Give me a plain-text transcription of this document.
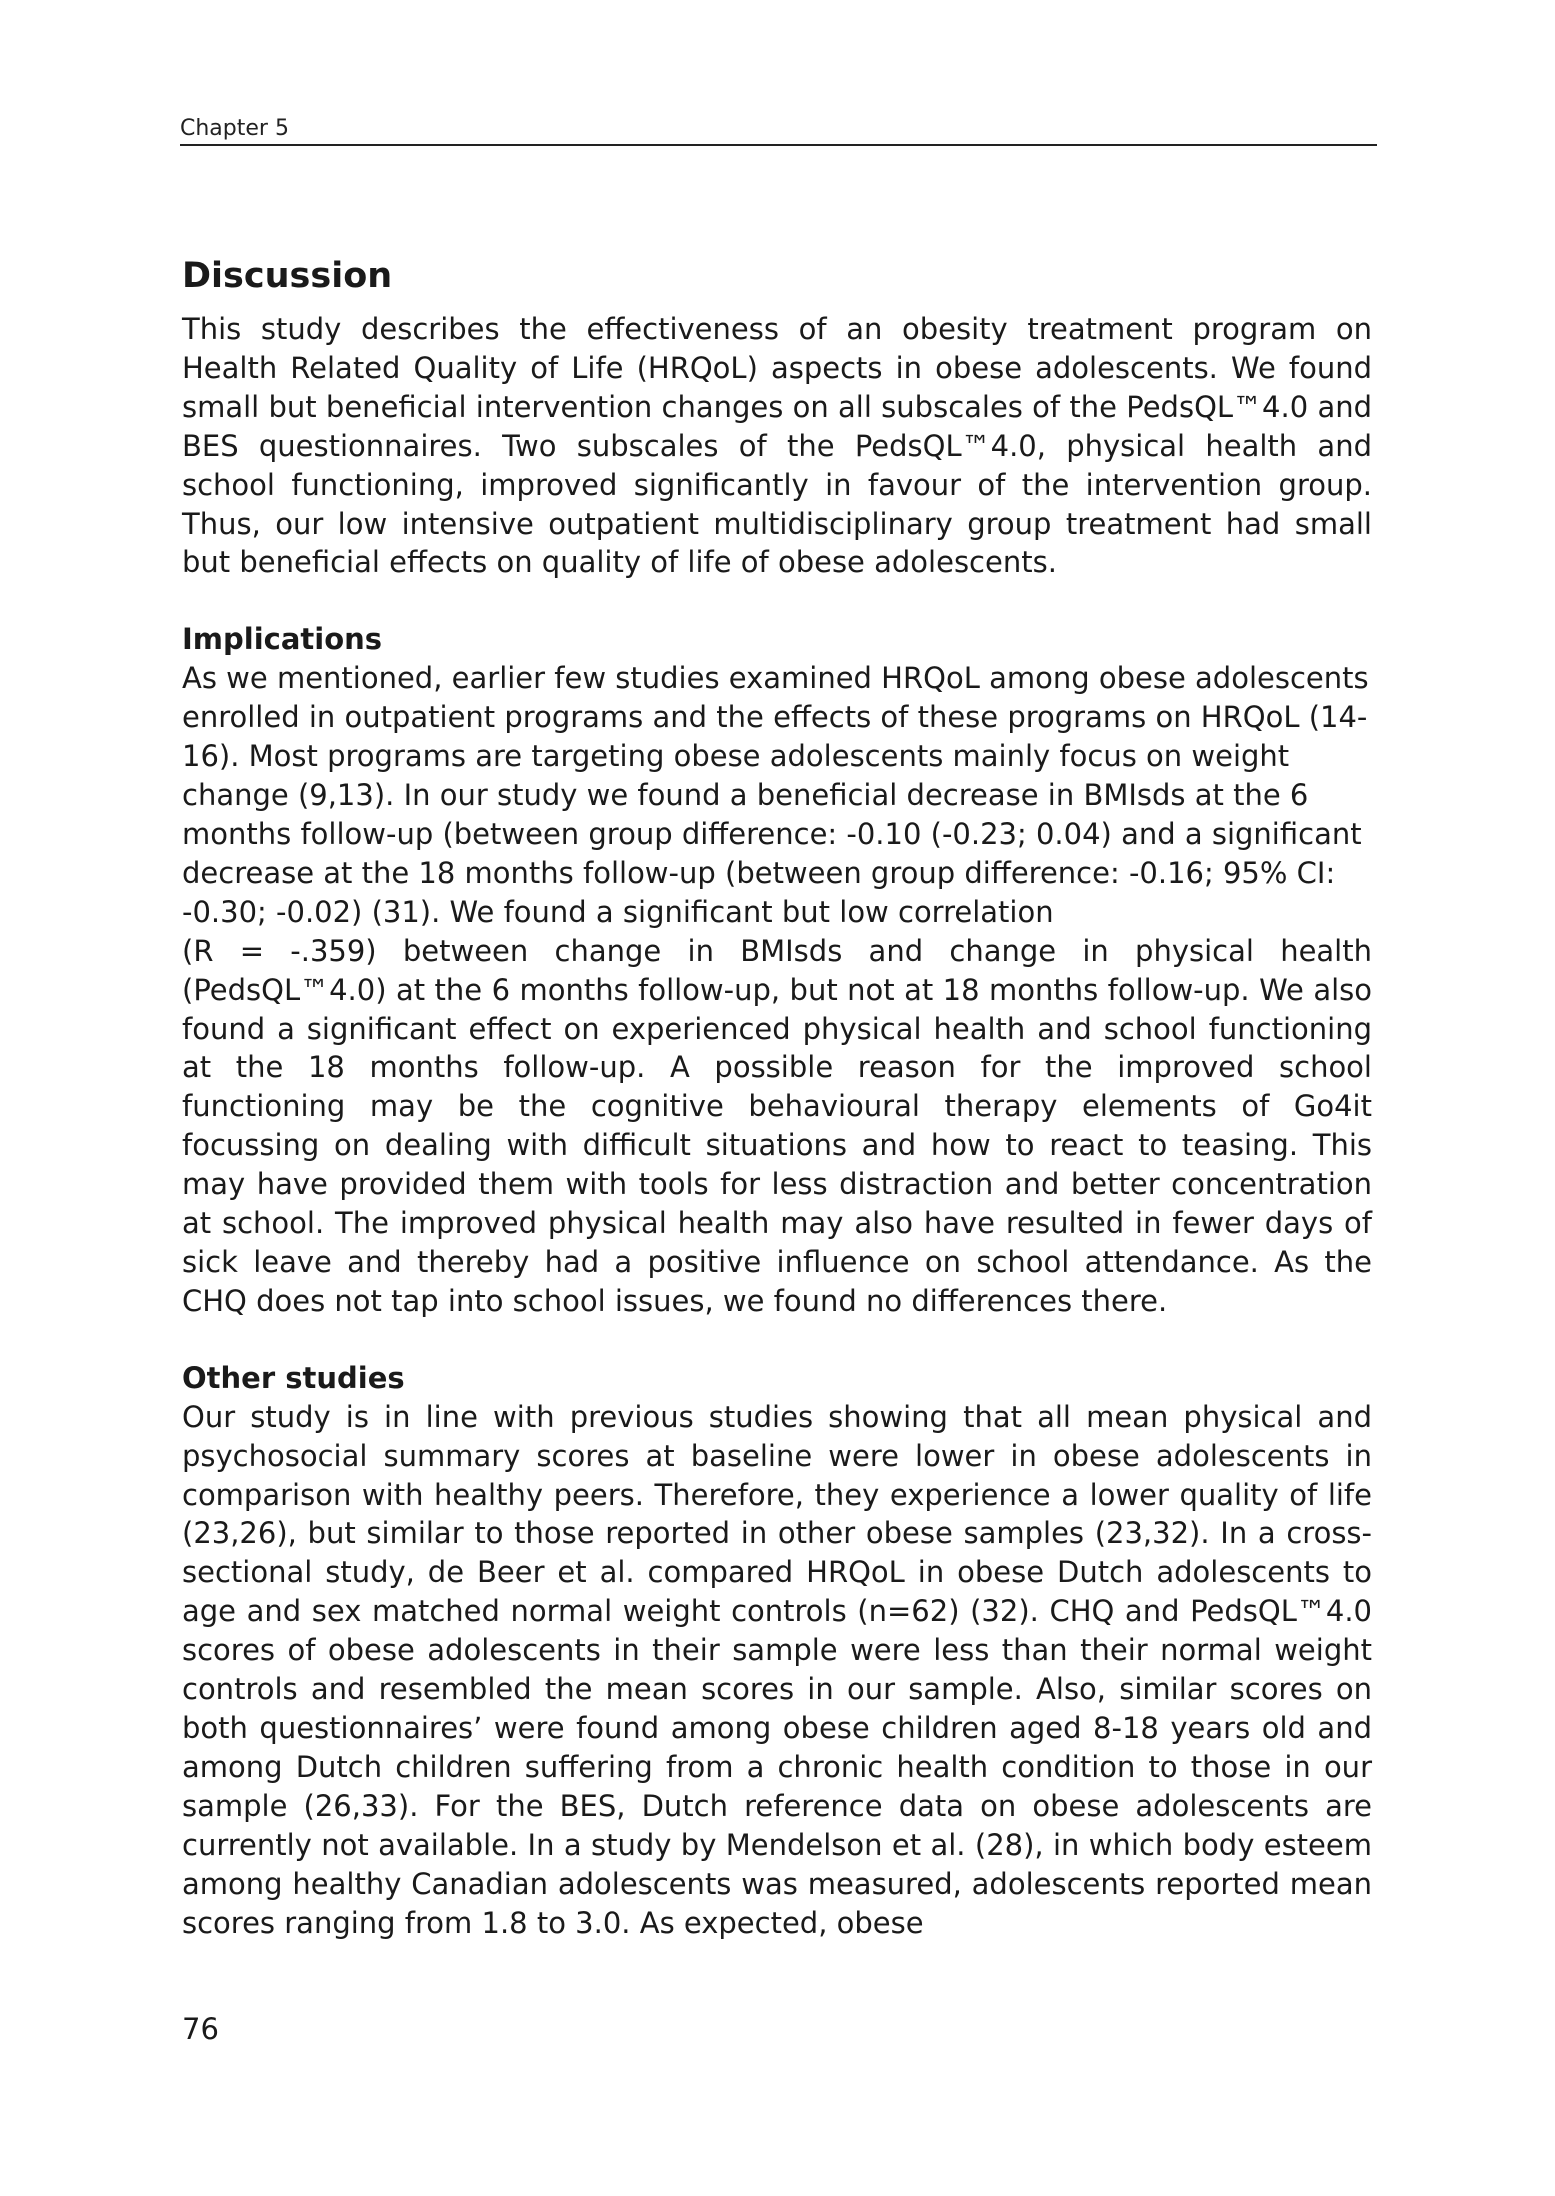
Chapter 5
Discussion

This study describes the effectiveness of an obesity treatment program on Health Related Quality of Life (HRQoL) aspects in obese adolescents. We found small but beneficial intervention changes on all subscales of the PedsQL™4.0 and BES questionnaires. Two subscales of the PedsQL™4.0, physical health and school functioning, improved significantly in favour of the intervention group. Thus, our low intensive outpatient multidisciplinary group treatment had small but beneficial effects on quality of life of obese adolescents.

Implications

As we mentioned, earlier few studies examined HRQoL among obese adolescents enrolled in outpatient programs and the effects of these programs on HRQoL (14-16). Most programs are targeting obese adolescents mainly focus on weight change (9,13). In our study we found a beneficial decrease in BMIsds at the 6 months follow-up (between group difference: -0.10 (-0.23; 0.04) and a significant decrease at the 18 months follow-up (between group difference: -0.16; 95% CI: -0.30; -0.02) (31). We found a significant but low correlation

(R = -.359) between change in BMIsds and change in physical health (PedsQL™4.0) at the 6 months follow-up, but not at 18 months follow-up. We also found a significant effect on experienced physical health and school functioning at the 18 months follow-up. A possible reason for the improved school functioning may be the cognitive behavioural therapy elements of Go4it focussing on dealing with difficult situations and how to react to teasing. This may have provided them with tools for less distraction and better concentration at school. The improved physical health may also have resulted in fewer days of sick leave and thereby had a positive influence on school attendance. As the CHQ does not tap into school issues, we found no differences there.

Other studies

Our study is in line with previous studies showing that all mean physical and psychosocial summary scores at baseline were lower in obese adolescents in comparison with healthy peers. Therefore, they experience a lower quality of life (23,26), but similar to those reported in other obese samples (23,32). In a cross-sectional study, de Beer et al. compared HRQoL in obese Dutch adolescents to age and sex matched normal weight controls (n=62) (32). CHQ and PedsQL™4.0 scores of obese adolescents in their sample were less than their normal weight controls and resembled the mean scores in our sample. Also, similar scores on both questionnaires’ were found among obese children aged 8-18 years old and among Dutch children suffering from a chronic health condition to those in our sample (26,33). For the BES, Dutch reference data on obese adolescents are currently not available. In a study by Mendelson et al. (28), in which body esteem among healthy Canadian adolescents was measured, adolescents reported mean scores ranging from 1.8 to 3.0. As expected, obese

76
